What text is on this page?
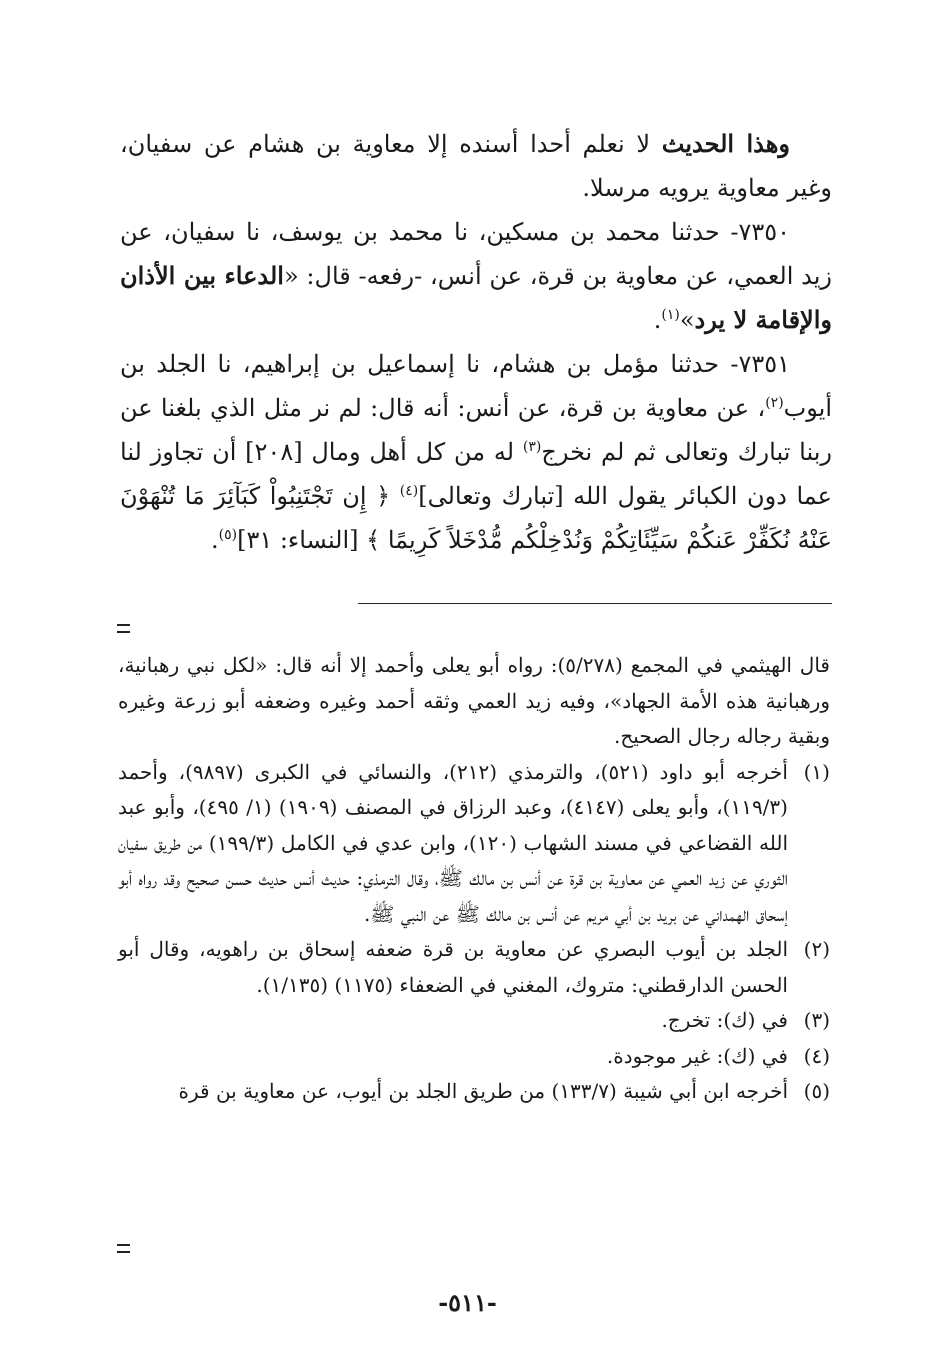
وهذا الحديث لا نعلم أحدا أسنده إلا معاوية بن هشام عن سفيان، وغير معاوية يرويه مرسلا.

٧٣٥٠- حدثنا محمد بن مسكين، نا محمد بن يوسف، نا سفيان، عن زيد العمي، عن معاوية بن قرة، عن أنس، -رفعه- قال: «الدعاء بين الأذان والإقامة لا يرد»$^{(١)}$.

٧٣٥١- حدثنا مؤمل بن هشام، نا إسماعيل بن إبراهيم، نا الجلد بن أيوب$^{(٢)}$، عن معاوية بن قرة، عن أنس: أنه قال: لم نر مثل الذي بلغنا عن ربنا تبارك وتعالى ثم لم نخرج$^{(٣)}$ له من كل أهل ومال [٢٠٨] أن تجاوز لنا عما دون الكبائر يقول الله [تبارك وتعالى]$^{(٤)}$ ﴿ إِن تَجْتَنِبُواْ كَبَآئِرَ مَا تُنْهَوْنَ عَنْهُ نُكَفِّرْ عَنكُمْ سَيِّئَاتِكُمْ وَنُدْخِلْكُم مُّدْخَلاً كَرِيمًا ﴾ [النساء: ٣١]$^{(٥)}$.

قال الهيثمي في المجمع (٥/٢٧٨): رواه أبو يعلى وأحمد إلا أنه قال: «لكل نبي رهبانية، ورهبانية هذه الأمة الجهاد»، وفيه زيد العمي وثقه أحمد وغيره وضعفه أبو زرعة وغيره وبقية رجاله رجال الصحيح.

(١)أخرجه أبو داود (٥٢١)، والترمذي (٢١٢)، والنسائي في الكبرى (٩٨٩٧)، وأحمد (١١٩/٣)، وأبو يعلى (٤١٤٧)، وعبد الرزاق في المصنف (١٩٠٩) (١/ ٤٩٥)، وأبو عبد الله القضاعي في مسند الشهاب (١٢٠)، وابن عدي في الكامل (١٩٩/٣) من طريق سفيان الثوري عن زيد العمي عن معاوية بن قرة عن أنس بن مالك ﷺ، وقال الترمذي: حديث أنس حديث حسن صحيح وقد رواه أبو إسحاق الهمداني عن بريد بن أبي مريم عن أنس بن مالك ﷺ عن النبي ﷺ.

(٢)الجلد بن أيوب البصري عن معاوية بن قرة ضعفه إسحاق بن راهويه، وقال أبو الحسن الدارقطني: متروك، المغني في الضعفاء (١١٧٥) (١/١٣٥).

(٣)في (ك): تخرج.

(٤)في (ك): غير موجودة.

(٥)أخرجه ابن أبي شيبة (١٣٣/٧) من طريق الجلد بن أيوب، عن معاوية بن قرة

-٥١١-
